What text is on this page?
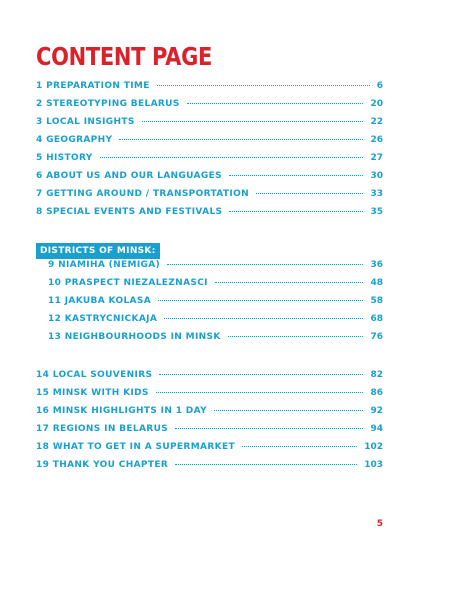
CONTENT PAGE
1 PREPARATION TIME	6
2 STEREOTYPING BELARUS	20
3 LOCAL INSIGHTS	22
4 GEOGRAPHY	26
5 HISTORY	27
6 ABOUT US AND OUR LANGUAGES	30
7 GETTING AROUND / TRANSPORTATION	33
8 SPECIAL EVENTS AND FESTIVALS	35
DISTRICTS OF MINSK:
9 NIAMIHA (NEMIGA)	36
10 PRASPECT NIEZALEZNASCI	48
11 JAKUBA KOLASA	58
12 KASTRYCNICKAJA	68
13 NEIGHBOURHOODS IN MINSK	76
14 LOCAL SOUVENIRS	82
15 MINSK WITH KIDS	86
16 MINSK HIGHLIGHTS IN 1 DAY	92
17 REGIONS IN BELARUS	94
18 WHAT TO GET IN A SUPERMARKET	102
19 THANK YOU CHAPTER	103
5
